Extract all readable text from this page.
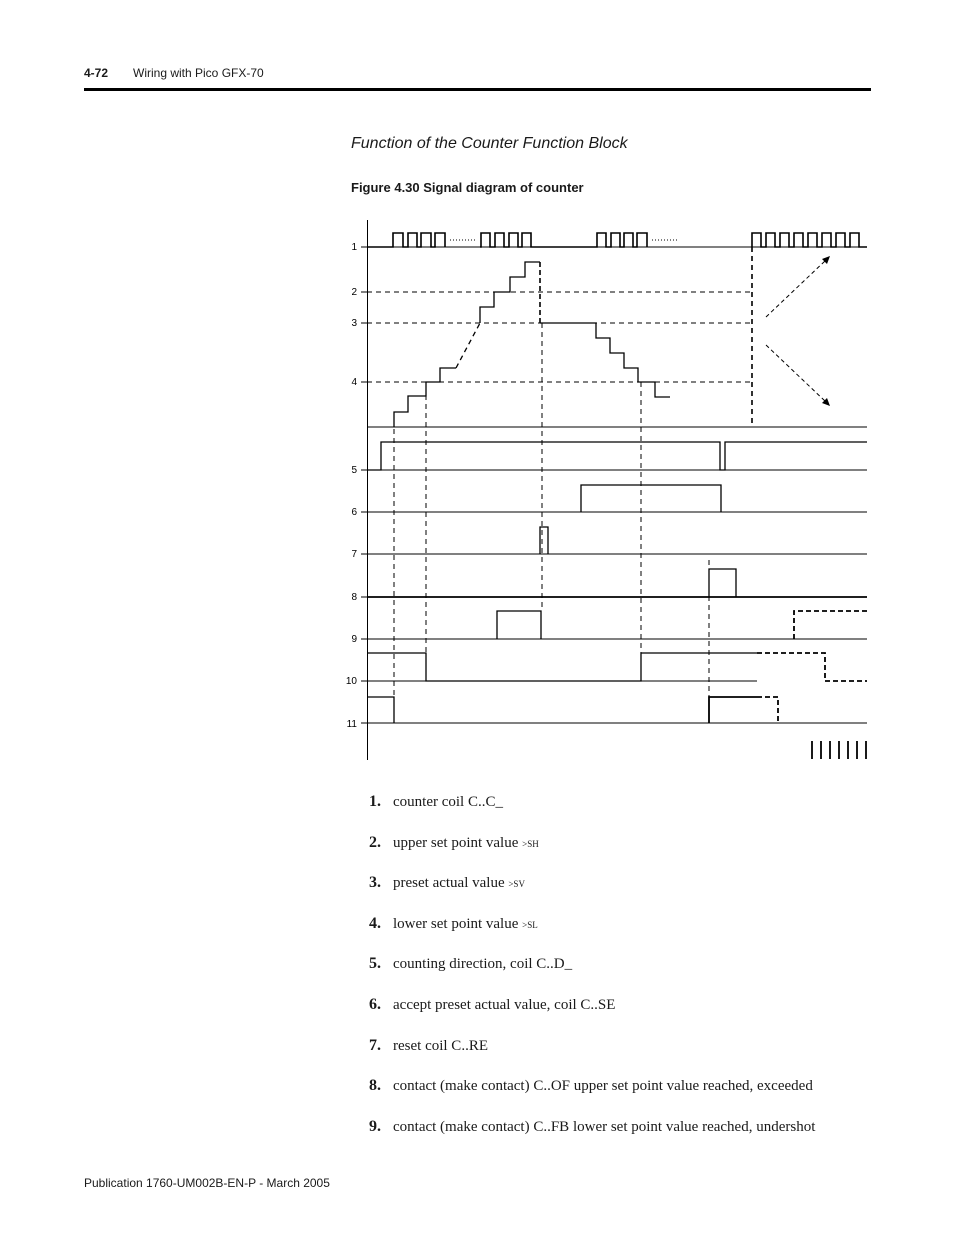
4-72 Wiring with Pico GFX-70
Function of the Counter Function Block
Figure 4.30 Signal diagram of counter
1
2
3
4
5
6
7
8
9
10
11
1. counter coil C..C_
2. upper set point value >SH
3. preset actual value >SV
4. lower set point value >SL
5. counting direction, coil C..D_
6. accept preset actual value, coil C..SE
7. reset coil C..RE
8. contact (make contact) C..OF upper set point value reached, exceeded
9. contact (make contact) C..FB lower set point value reached, undershot
Publication 1760-UM002B-EN-P - March 2005
